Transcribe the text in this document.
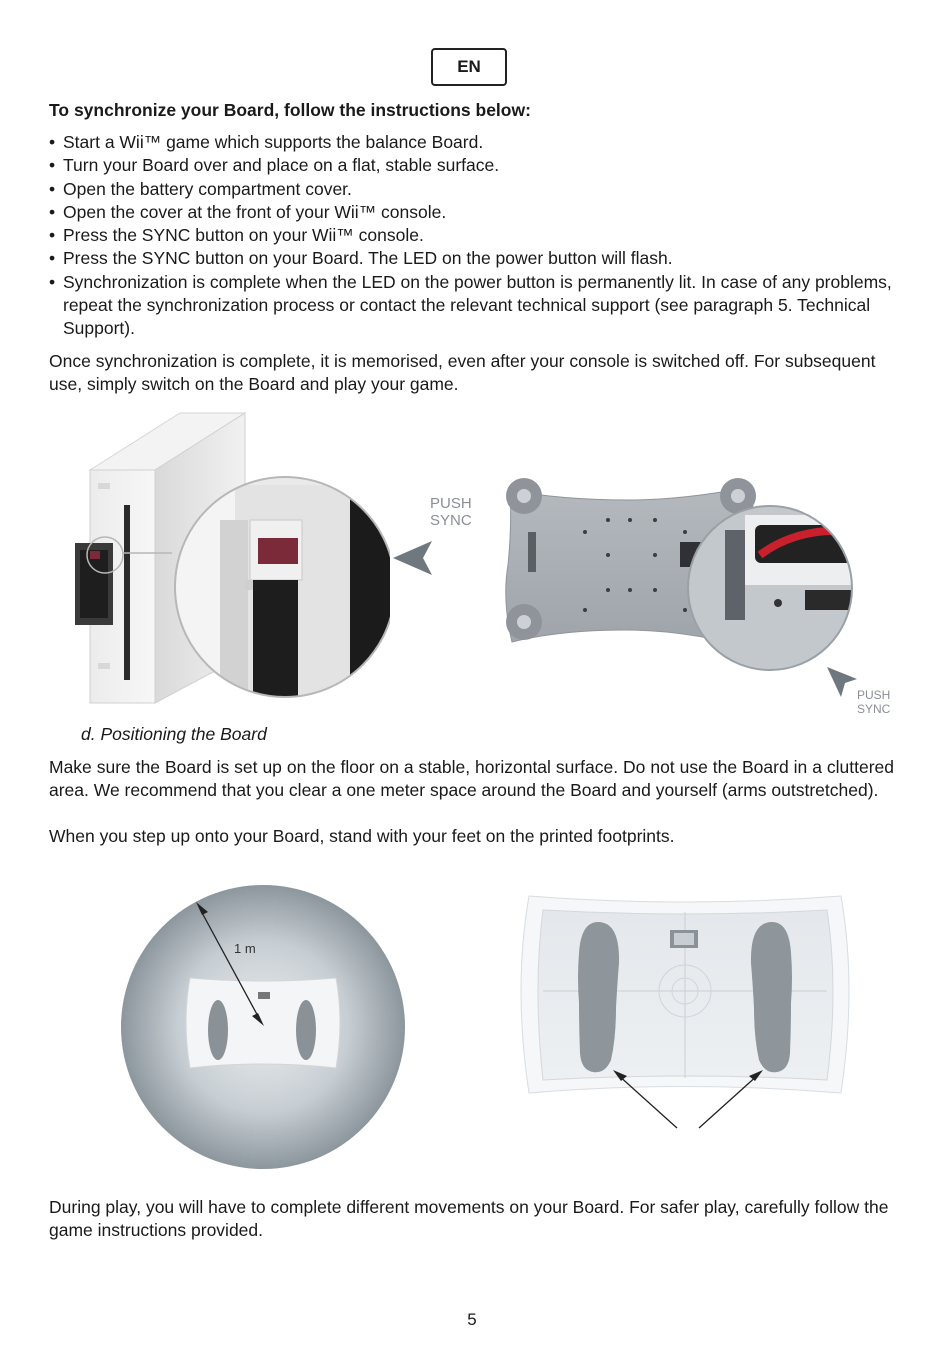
EN
To synchronize your Board, follow the instructions below:
• Start a Wii™ game which supports the balance Board.
• Turn your Board over and place on a flat, stable surface.
• Open the battery compartment cover.
• Open the cover at the front of your Wii™ console.
• Press the SYNC button on your Wii™ console.
• Press the SYNC button on your Board. The LED on the power button will flash.
• Synchronization is complete when the LED on the power button is permanently lit. In case of any problems, repeat the synchronization process or contact the relevant technical support (see paragraph 5. Technical Support).

Once synchronization is complete, it is memorised, even after your console is switched off. For subsequent use, simply switch on the Board and play your game.

PUSH
SYNC
PUSH
SYNC

d. Positioning the Board

Make sure the Board is set up on the floor on a stable, horizontal surface. Do not use the Board in a cluttered area. We recommend that you clear a one meter space around the Board and yourself (arms outstretched).

When you step up onto your Board, stand with your feet on the printed footprints.

1 m

During play, you will have to complete different movements on your Board. For safer play, carefully follow the game instructions provided.

5
